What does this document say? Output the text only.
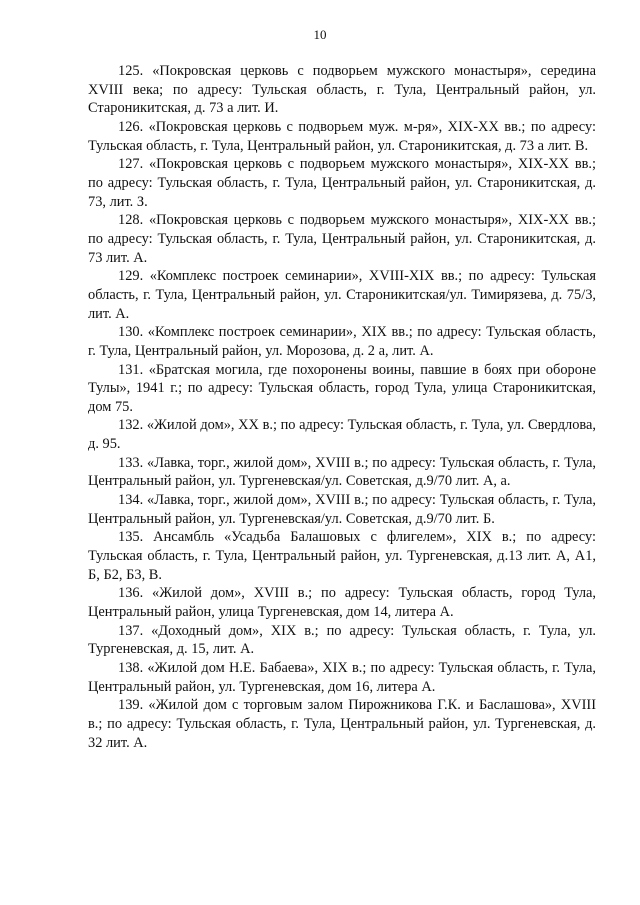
10

125. «Покровская церковь с подворьем мужского монастыря», середина XVIII века; по адресу: Тульская область, г. Тула, Центральный район, ул. Староникитская, д. 73 а лит. И.

126. «Покровская церковь с подворьем муж. м-ря», XIX-XX вв.; по адресу: Тульская область, г. Тула, Центральный район, ул. Староникитская, д. 73 а лит. В.

127. «Покровская церковь с подворьем мужского монастыря», XIX-XX вв.; по адресу: Тульская область, г. Тула, Центральный район, ул. Староникитская, д. 73, лит. З.

128. «Покровская церковь с подворьем мужского монастыря», XIX-XX вв.; по адресу: Тульская область, г. Тула, Центральный район, ул. Староникитская, д. 73 лит. А.

129. «Комплекс построек семинарии», XVIII-XIX вв.; по адресу: Тульская область, г. Тула, Центральный район, ул. Староникитская/ул. Тимирязева, д. 75/3, лит. А.

130. «Комплекс построек семинарии», XIX вв.; по адресу: Тульская область, г. Тула, Центральный район, ул. Морозова, д. 2 а, лит. А.

131. «Братская могила, где похоронены воины, павшие в боях при обороне Тулы», 1941 г.; по адресу: Тульская область, город Тула, улица Староникитская, дом 75.

132. «Жилой дом», XX в.; по адресу: Тульская область, г. Тула, ул. Свердлова, д. 95.

133. «Лавка, торг., жилой дом», XVIII в.; по адресу: Тульская область, г. Тула, Центральный район, ул. Тургеневская/ул. Советская, д.9/70 лит. А, а.

134. «Лавка, торг., жилой дом», XVIII в.; по адресу: Тульская область, г. Тула, Центральный район, ул. Тургеневская/ул. Советская, д.9/70 лит. Б.

135. Ансамбль «Усадьба Балашовых с флигелем», XIX в.; по адресу: Тульская область, г. Тула, Центральный район, ул. Тургеневская, д.13 лит. А, А1, Б, Б2, Б3, В.

136. «Жилой дом», XVIII в.; по адресу: Тульская область, город Тула, Центральный район, улица Тургеневская, дом 14, литера А.

137. «Доходный дом», XIX в.; по адресу: Тульская область, г. Тула, ул. Тургеневская, д. 15, лит. А.

138. «Жилой дом Н.Е. Бабаева», XIX в.; по адресу: Тульская область, г. Тула, Центральный район, ул. Тургеневская, дом 16, литера А.

139. «Жилой дом с торговым залом Пирожникова Г.К. и Баслашова», XVIII в.; по адресу: Тульская область, г. Тула, Центральный район, ул. Тургеневская, д. 32 лит. А.
